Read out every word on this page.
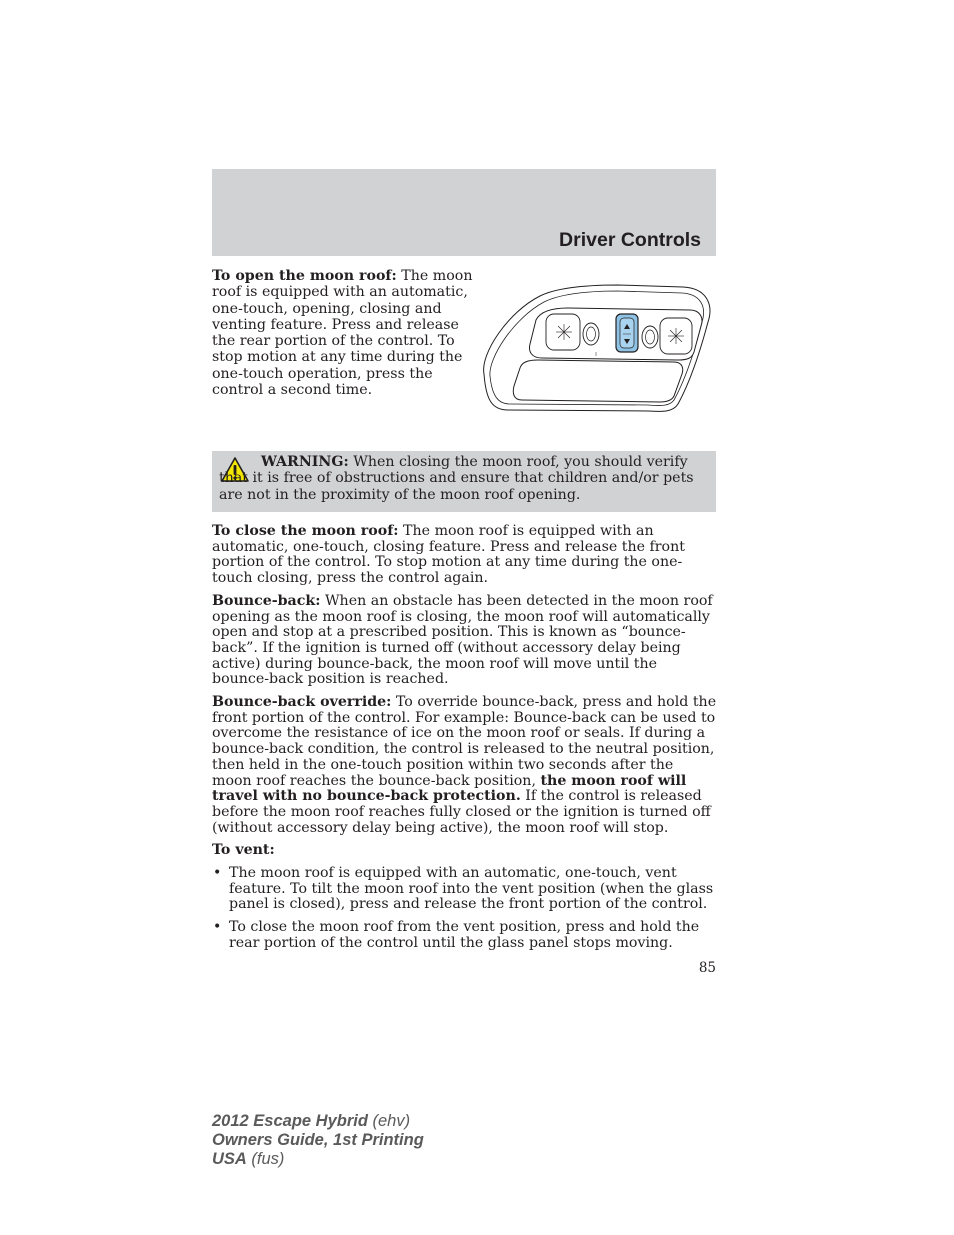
Driver Controls
To open the moon roof: The moon roof is equipped with an automatic, one-touch, opening, closing and venting feature. Press and release the rear portion of the control. To stop motion at any time during the one-touch operation, press the control a second time.
WARNING: When closing the moon roof, you should verify that it is free of obstructions and ensure that children and/or pets are not in the proximity of the moon roof opening.

To close the moon roof: The moon roof is equipped with an automatic, one-touch, closing feature. Press and release the front portion of the control. To stop motion at any time during the one-touch closing, press the control again.

Bounce-back: When an obstacle has been detected in the moon roof opening as the moon roof is closing, the moon roof will automatically open and stop at a prescribed position. This is known as “bounce-back”. If the ignition is turned off (without accessory delay being active) during bounce-back, the moon roof will move until the bounce-back position is reached.

Bounce-back override: To override bounce-back, press and hold the front portion of the control. For example: Bounce-back can be used to overcome the resistance of ice on the moon roof or seals. If during a bounce-back condition, the control is released to the neutral position, then held in the one-touch position within two seconds after the moon roof reaches the bounce-back position, the moon roof will travel with no bounce-back protection. If the control is released before the moon roof reaches fully closed or the ignition is turned off (without accessory delay being active), the moon roof will stop.

To vent:

• The moon roof is equipped with an automatic, one-touch, vent feature. To tilt the moon roof into the vent position (when the glass panel is closed), press and release the front portion of the control.
• To close the moon roof from the vent position, press and hold the rear portion of the control until the glass panel stops moving.
85
2012 Escape Hybrid (ehv)
Owners Guide, 1st Printing
USA (fus)
